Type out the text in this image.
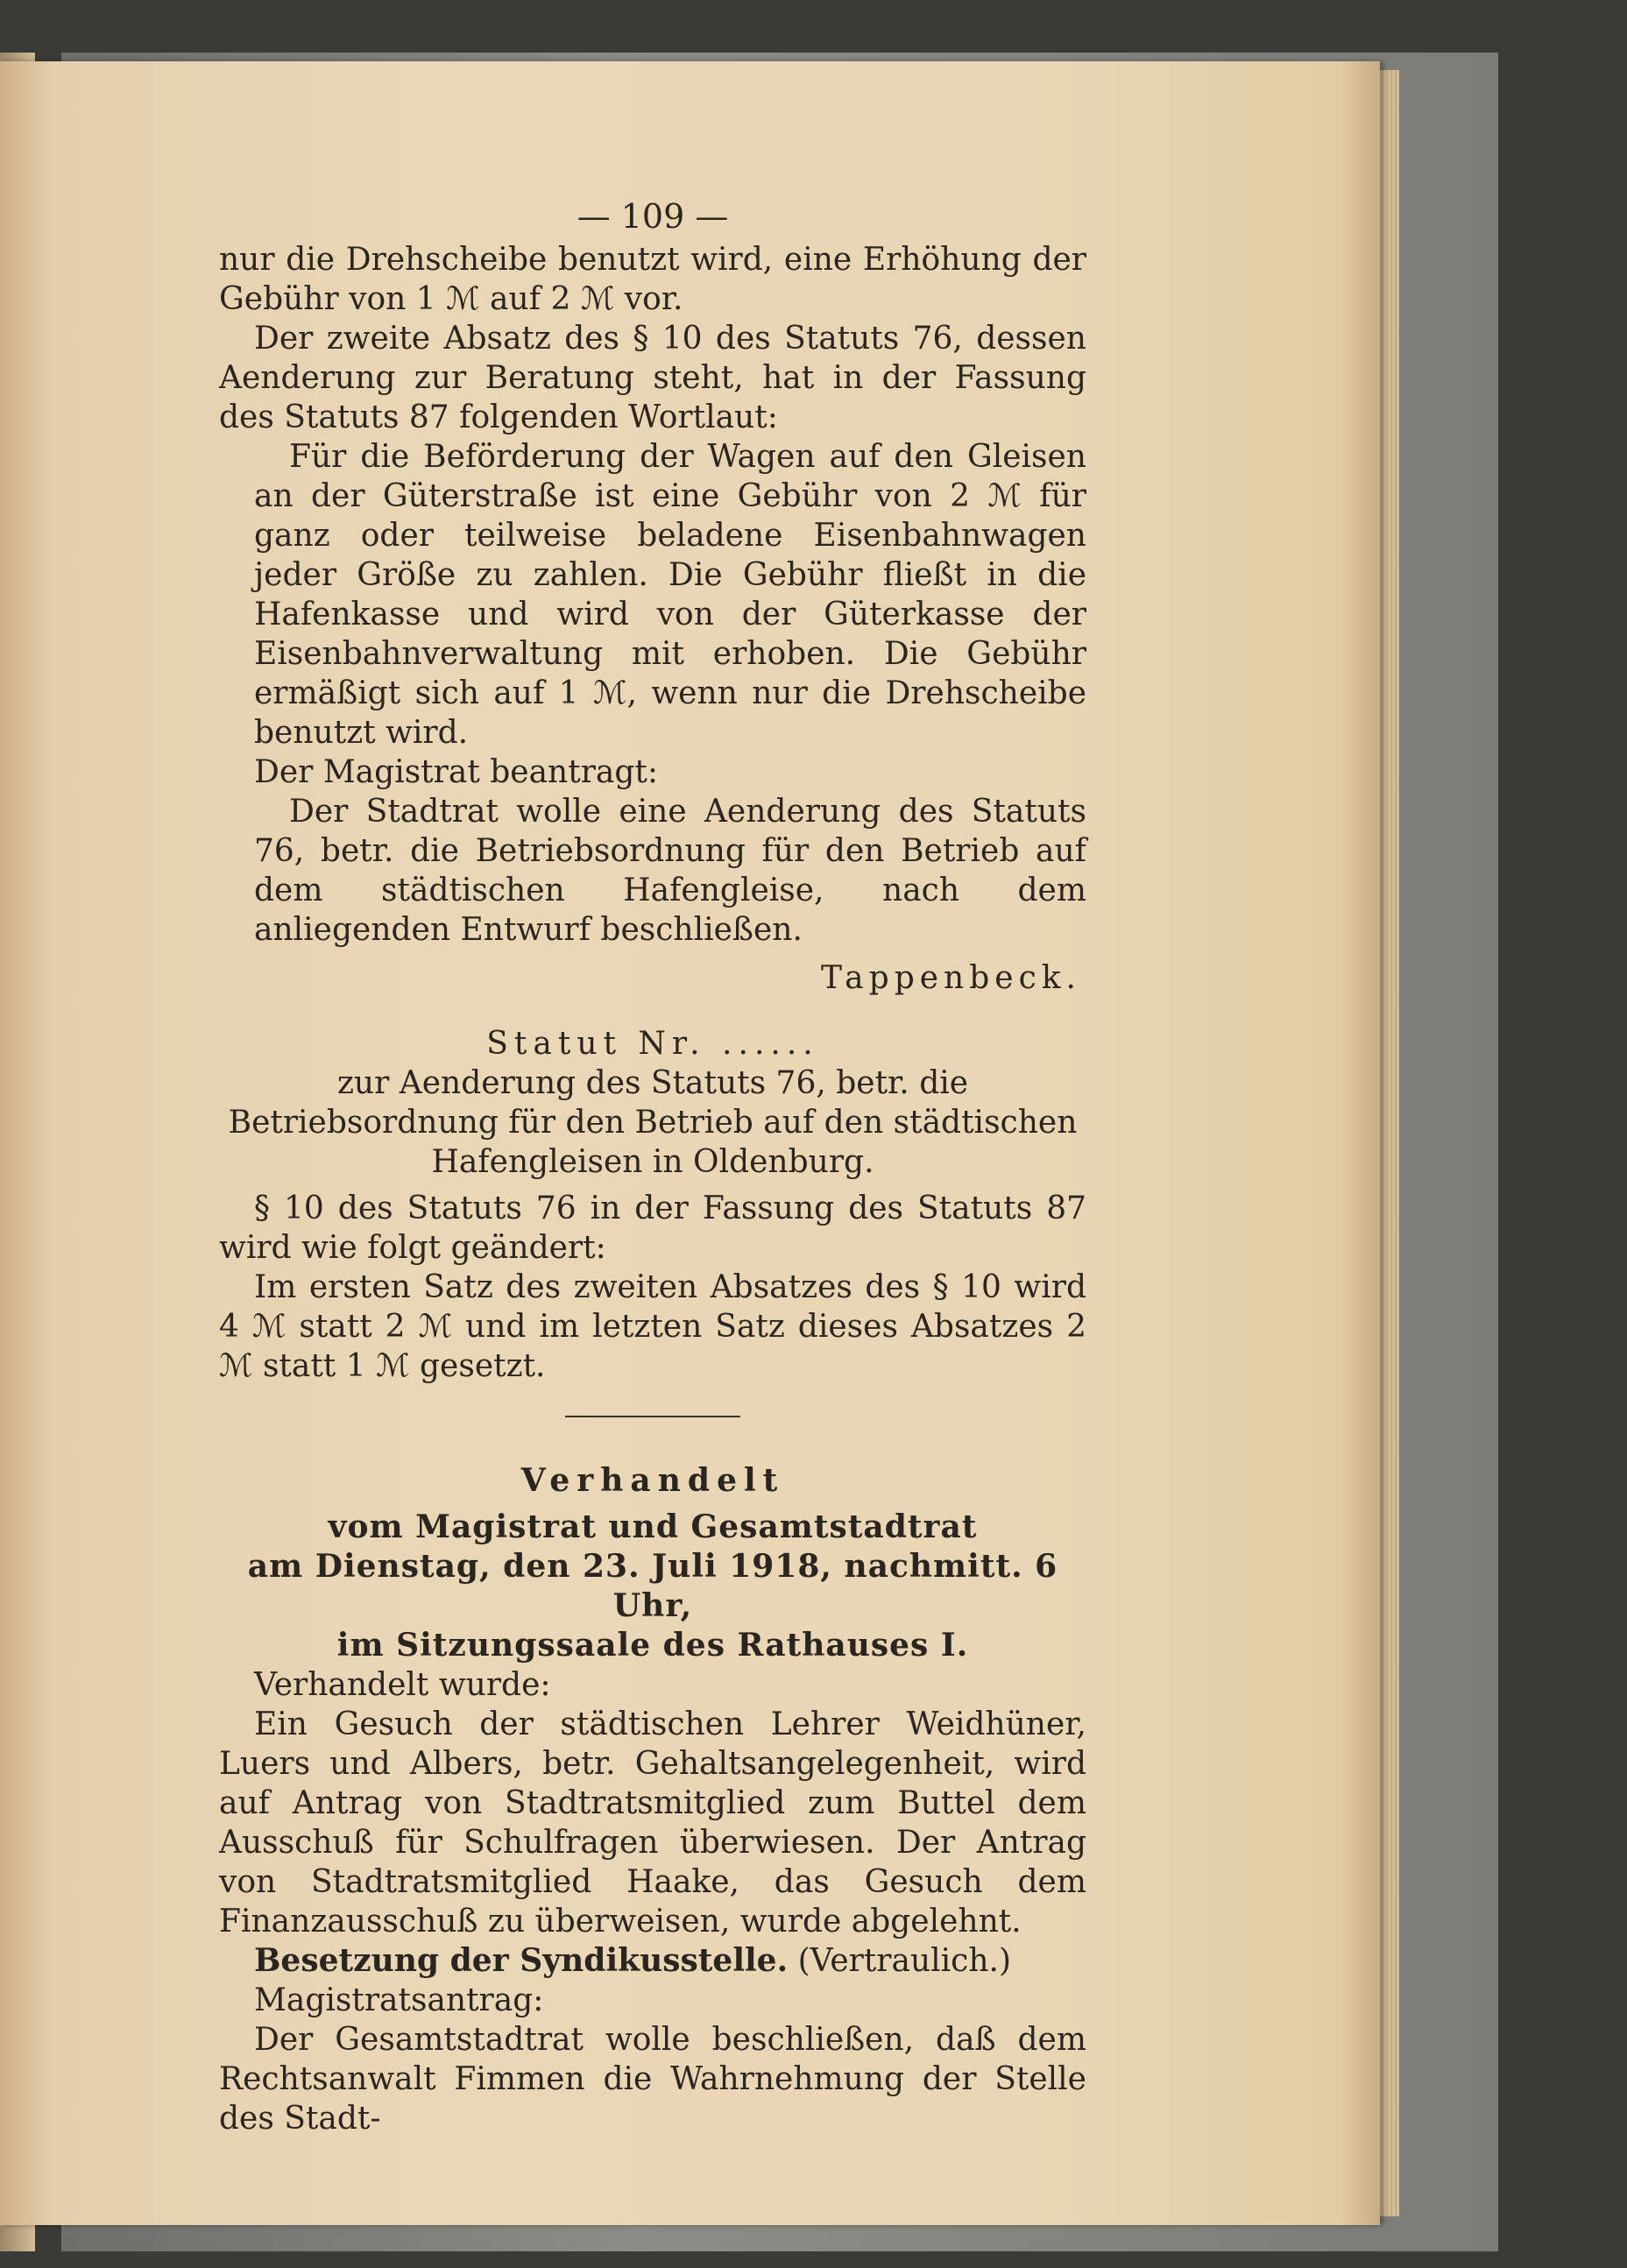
— 109 —

nur die Drehscheibe benutzt wird, eine Erhöhung der Gebühr von 1 ℳ auf 2 ℳ vor.

Der zweite Absatz des § 10 des Statuts 76, dessen Aenderung zur Beratung steht, hat in der Fassung des Statuts 87 folgenden Wortlaut:

Für die Beförderung der Wagen auf den Gleisen an der Güterstraße ist eine Gebühr von 2 ℳ für ganz oder teilweise beladene Eisenbahnwagen jeder Größe zu zahlen. Die Gebühr fließt in die Hafenkasse und wird von der Güterkasse der Eisenbahnverwaltung mit erhoben. Die Gebühr ermäßigt sich auf 1 ℳ, wenn nur die Drehscheibe benutzt wird.

Der Magistrat beantragt:

Der Stadtrat wolle eine Aenderung des Statuts 76, betr. die Betriebsordnung für den Betrieb auf dem städtischen Hafengleise, nach dem anliegenden Entwurf beschließen.

Tappenbeck.
Statut Nr. ......

zur Aenderung des Statuts 76, betr. die Betriebsordnung für den Betrieb auf den städtischen Hafengleisen in Oldenburg.

§ 10 des Statuts 76 in der Fassung des Statuts 87 wird wie folgt geändert:

Im ersten Satz des zweiten Absatzes des § 10 wird 4 ℳ statt 2 ℳ und im letzten Satz dieses Absatzes 2 ℳ statt 1 ℳ gesetzt.

Verhandelt
vom Magistrat und Gesamtstadtrat
am Dienstag, den 23. Juli 1918, nachmitt. 6 Uhr,
im Sitzungssaale des Rathauses I.

Verhandelt wurde:

Ein Gesuch der städtischen Lehrer Weidhüner, Luers und Albers, betr. Gehaltsangelegenheit, wird auf Antrag von Stadtratsmitglied zum Buttel dem Ausschuß für Schulfragen überwiesen. Der Antrag von Stadtratsmitglied Haake, das Gesuch dem Finanzausschuß zu überweisen, wurde abgelehnt.

Besetzung der Syndikusstelle. (Vertraulich.)

Magistratsantrag:

Der Gesamtstadtrat wolle beschließen, daß dem Rechtsanwalt Fimmen die Wahrnehmung der Stelle des Stadt-
